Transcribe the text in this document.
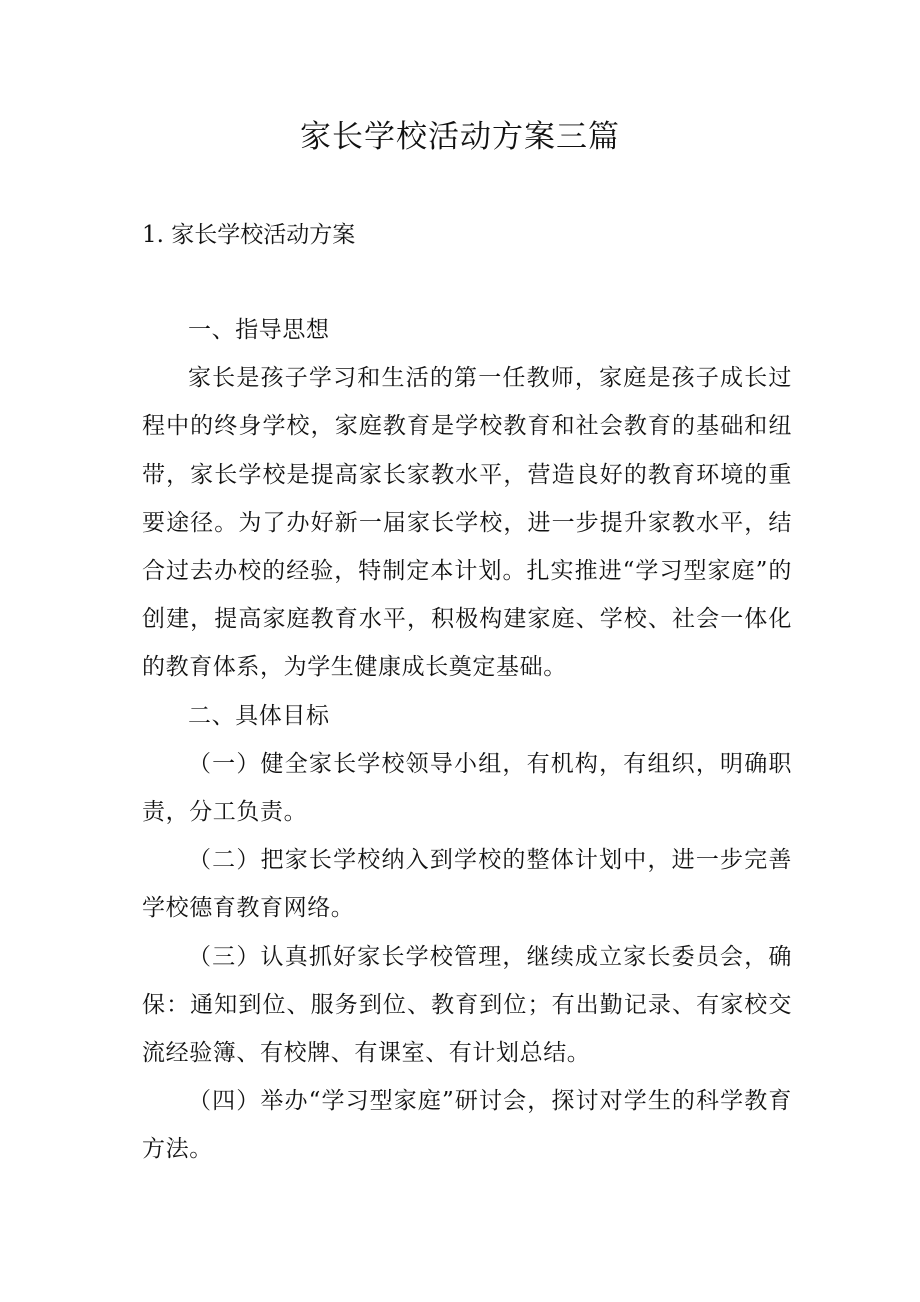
家长学校活动方案三篇
1. 家长学校活动方案

一、指导思想

家长是孩子学习和生活的第一任教师，家庭是孩子成长过程中的终身学校，家庭教育是学校教育和社会教育的基础和纽带，家长学校是提高家长家教水平，营造良好的教育环境的重要途径。为了办好新一届家长学校，进一步提升家教水平，结合过去办校的经验，特制定本计划。扎实推进“学习型家庭”的创建，提高家庭教育水平，积极构建家庭、学校、社会一体化的教育体系，为学生健康成长奠定基础。

二、具体目标

（一）健全家长学校领导小组，有机构，有组织，明确职责，分工负责。

（二）把家长学校纳入到学校的整体计划中，进一步完善学校德育教育网络。

（三）认真抓好家长学校管理，继续成立家长委员会，确保：通知到位、服务到位、教育到位；有出勤记录、有家校交流经验簿、有校牌、有课室、有计划总结。

（四）举办“学习型家庭”研讨会，探讨对学生的科学教育方法。
